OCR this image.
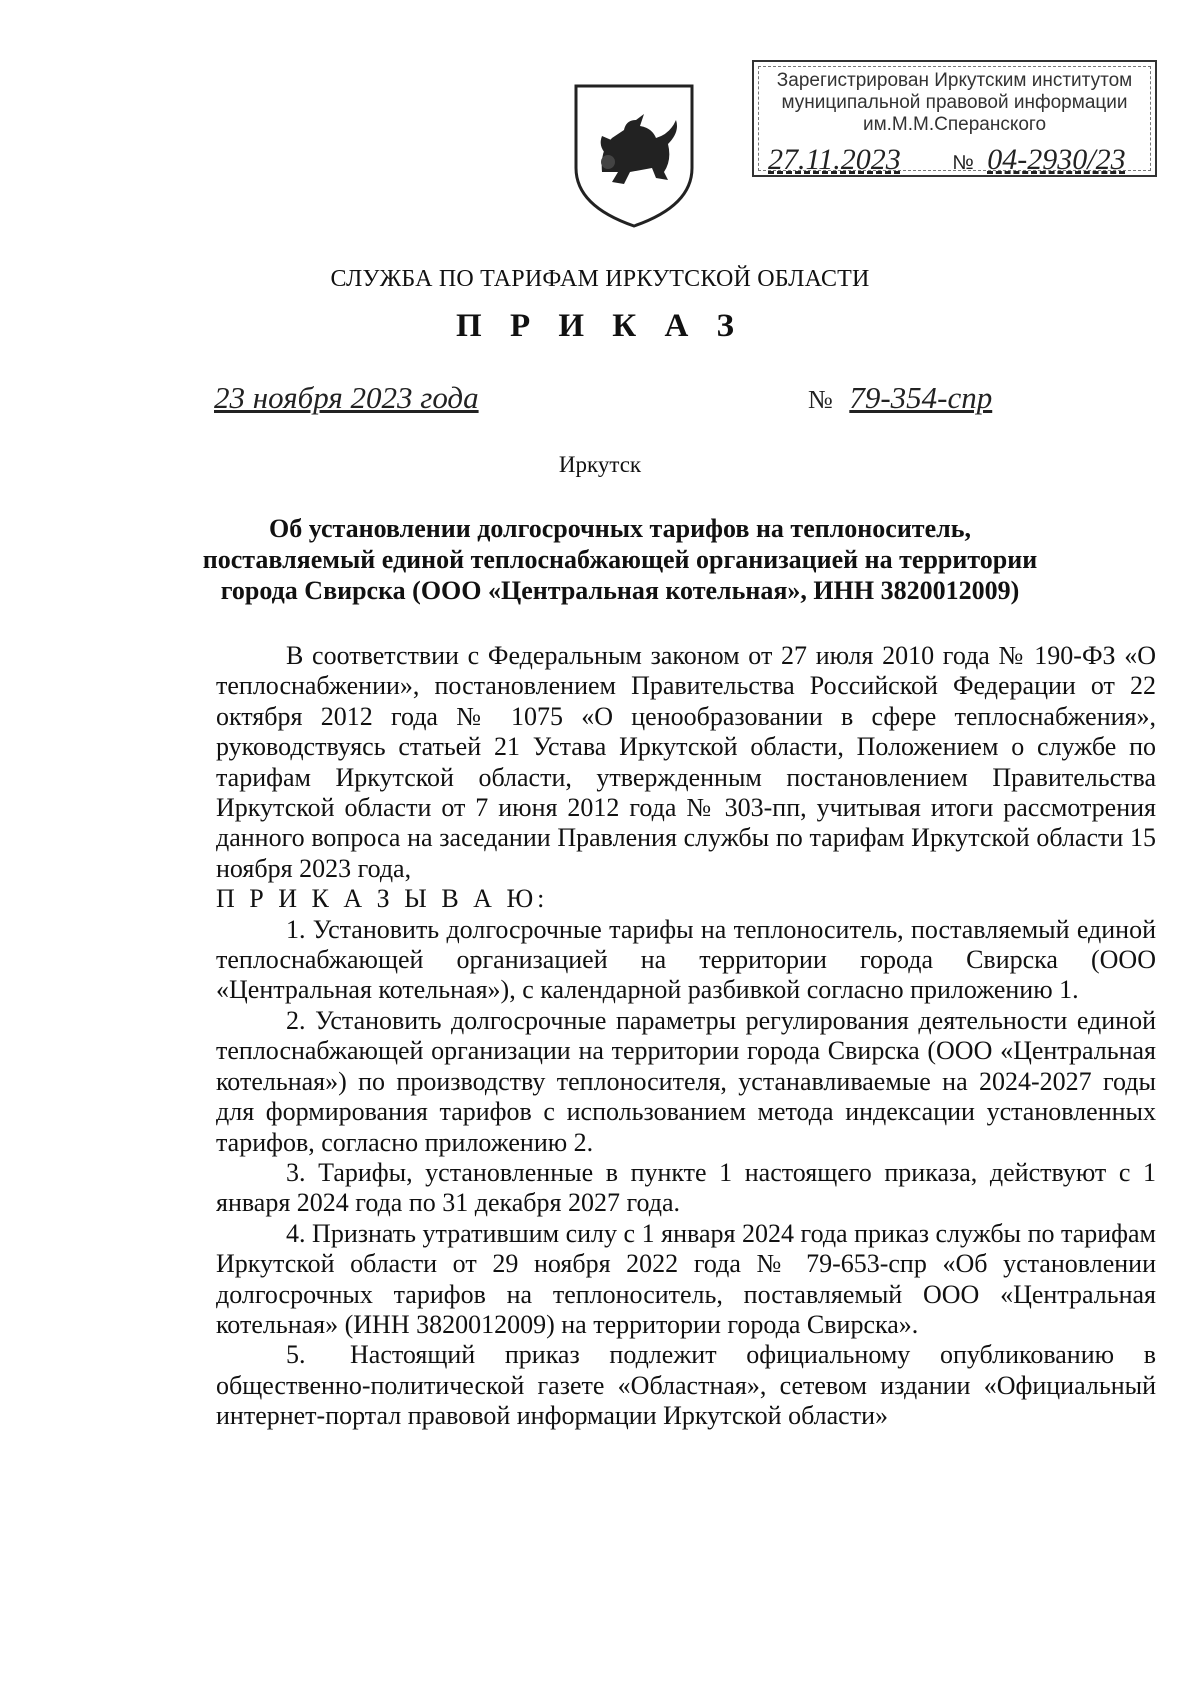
Зарегистрирован Иркутским институтом
муниципальной правовой информации
им.М.М.Сперанского
27.11.2023	№ 04-2930/23
СЛУЖБА ПО ТАРИФАМ ИРКУТСКОЙ ОБЛАСТИ
П Р И К А З
23 ноября 2023 года	№ 79-354-спр
Иркутск
Об установлении долгосрочных тарифов на теплоноситель, поставляемый единой теплоснабжающей организацией на территории города Свирска (ООО «Центральная котельная», ИНН 3820012009)

В соответствии с Федеральным законом от 27 июля 2010 года № 190-ФЗ «О теплоснабжении», постановлением Правительства Российской Федерации от 22 октября 2012 года № 1075 «О ценообразовании в сфере теплоснабжения», руководствуясь статьей 21 Устава Иркутской области, Положением о службе по тарифам Иркутской области, утвержденным постановлением Правительства Иркутской области от 7 июня 2012 года № 303-пп, учитывая итоги рассмотрения данного вопроса на заседании Правления службы по тарифам Иркутской области 15 ноября 2023 года,

П Р И К А З Ы В А Ю:

1. Установить долгосрочные тарифы на теплоноситель, поставляемый единой теплоснабжающей организацией на территории города Свирска (ООО «Центральная котельная»), с календарной разбивкой согласно приложению 1.

2. Установить долгосрочные параметры регулирования деятельности единой теплоснабжающей организации на территории города Свирска (ООО «Центральная котельная») по производству теплоносителя, устанавливаемые на 2024-2027 годы для формирования тарифов с использованием метода индексации установленных тарифов, согласно приложению 2.

3. Тарифы, установленные в пункте 1 настоящего приказа, действуют с 1 января 2024 года по 31 декабря 2027 года.

4. Признать утратившим силу с 1 января 2024 года приказ службы по тарифам Иркутской области от 29 ноября 2022 года № 79-653-спр «Об установлении долгосрочных тарифов на теплоноситель, поставляемый ООО «Центральная котельная» (ИНН 3820012009) на территории города Свирска».

5. Настоящий приказ подлежит официальному опубликованию в общественно-политической газете «Областная», сетевом издании «Официальный интернет-портал правовой информации Иркутской области»
